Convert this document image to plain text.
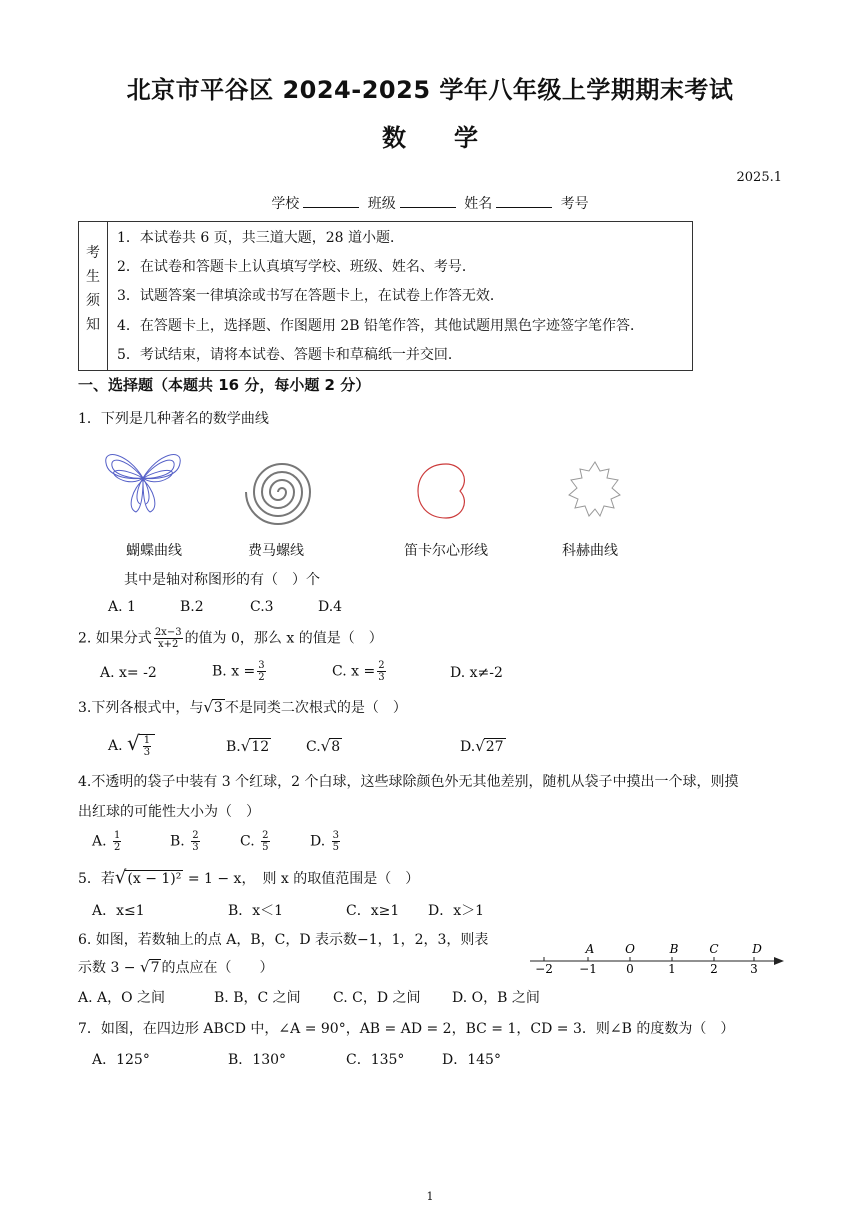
北京市平谷区 2024-2025 学年八年级上学期期末考试
数　　学
2025.1
学校	班级	姓名	考号
考
生
须
知
1．本试卷共 6 页，共三道大题，28 道小题．
2．在试卷和答题卡上认真填写学校、班级、姓名、考号．
3．试题答案一律填涂或书写在答题卡上，在试卷上作答无效．
4．在答题卡上，选择题、作图题用 2B 铅笔作答，其他试题用黑色字迹签字笔作答．
5．考试结束，请将本试卷、答题卡和草稿纸一并交回．
一、选择题（本题共 16 分，每小题 2 分）
1．下列是几种著名的数学曲线
蝴蝶曲线	费马螺线	笛卡尔心形线	科赫曲线
其中是轴对称图形的有（　）个
A. 1	B.2	C.3	D.4
2. 如果分式 $\frac{2x-3}{x+2}$ 的值为 0，那么 x 的值是（　）
A. x= -2	B. $x = \frac{3}{2}$	C. $x = \frac{2}{3}$	D. x≠-2
3.下列各根式中，与√3 不是同类二次根式的是（　）
A. √ $\frac{1}{3}$	B.√12	C.√8	D.√27
4.不透明的袋子中装有 3 个红球，2 个白球，这些球除颜色外无其他差别，随机从袋子中摸出一个球，则摸
出红球的可能性大小为（　）
A. $\frac{1}{2}$	B. $\frac{2}{3}$	C. $\frac{2}{5}$	D. $\frac{3}{5}$
5．若√(x − 1)² = 1 − x，　则 x 的取值范围是（　）
A．x≤1	B．x＜1	C．x≥1 D．x＞1
6. 如图，若数轴上的点 A，B，C，D 表示数−1，1，2，3，则表
示数 3 − √7 的点应在（　　）
A	O	B	C	D
−2 −1 0	1	2	3
A. A，O 之间	B. B，C 之间 C. C，D 之间 D. O，B 之间
7．如图，在四边形 ABCD 中，∠A = 90°，AB = AD = 2，BC = 1，CD = 3．则∠B 的度数为（　）
A．125°	B．130°	C．135°	D．145°
1
